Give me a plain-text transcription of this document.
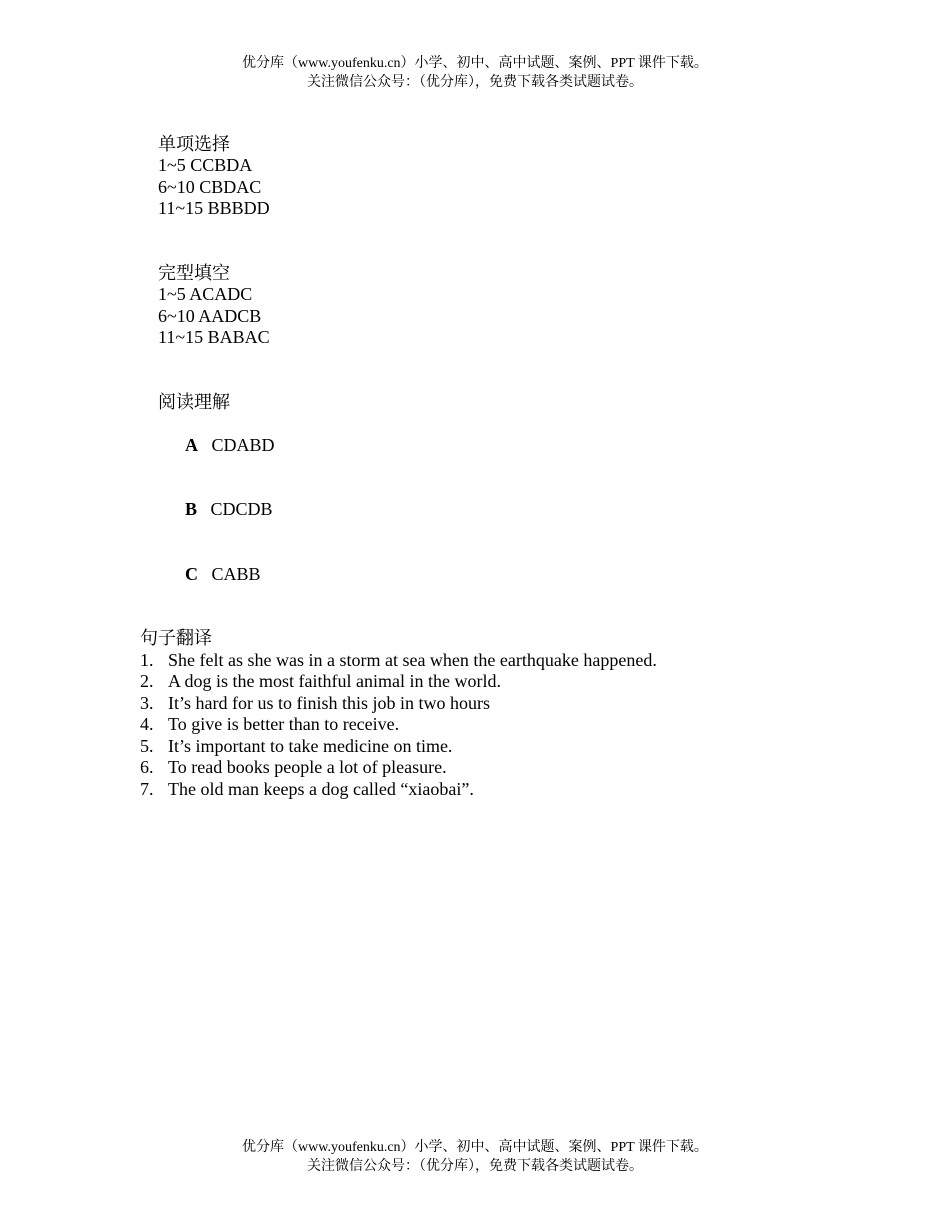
优分库（www.youfenku.cn）小学、初中、高中试题、案例、PPT 课件下载。
关注微信公众号：（优分库），免费下载各类试题试卷。

单项选择
1~5 CCBDA
6~10 CBDAC
11~15 BBBDD

完型填空
1~5 ACADC
6~10 AADCB
11~15 BABAC

阅读理解

A CDABD

B CDCDB

C CABB

句子翻译
1. She felt as she was in a storm at sea when the earthquake happened.
2. A dog is the most faithful animal in the world.
3. It’s hard for us to finish this job in two hours
4. To give is better than to receive.
5. It’s important to take medicine on time.
6. To read books people a lot of pleasure.
7. The old man keeps a dog called “xiaobai”.
优分库（www.youfenku.cn）小学、初中、高中试题、案例、PPT 课件下载。
关注微信公众号：（优分库），免费下载各类试题试卷。
